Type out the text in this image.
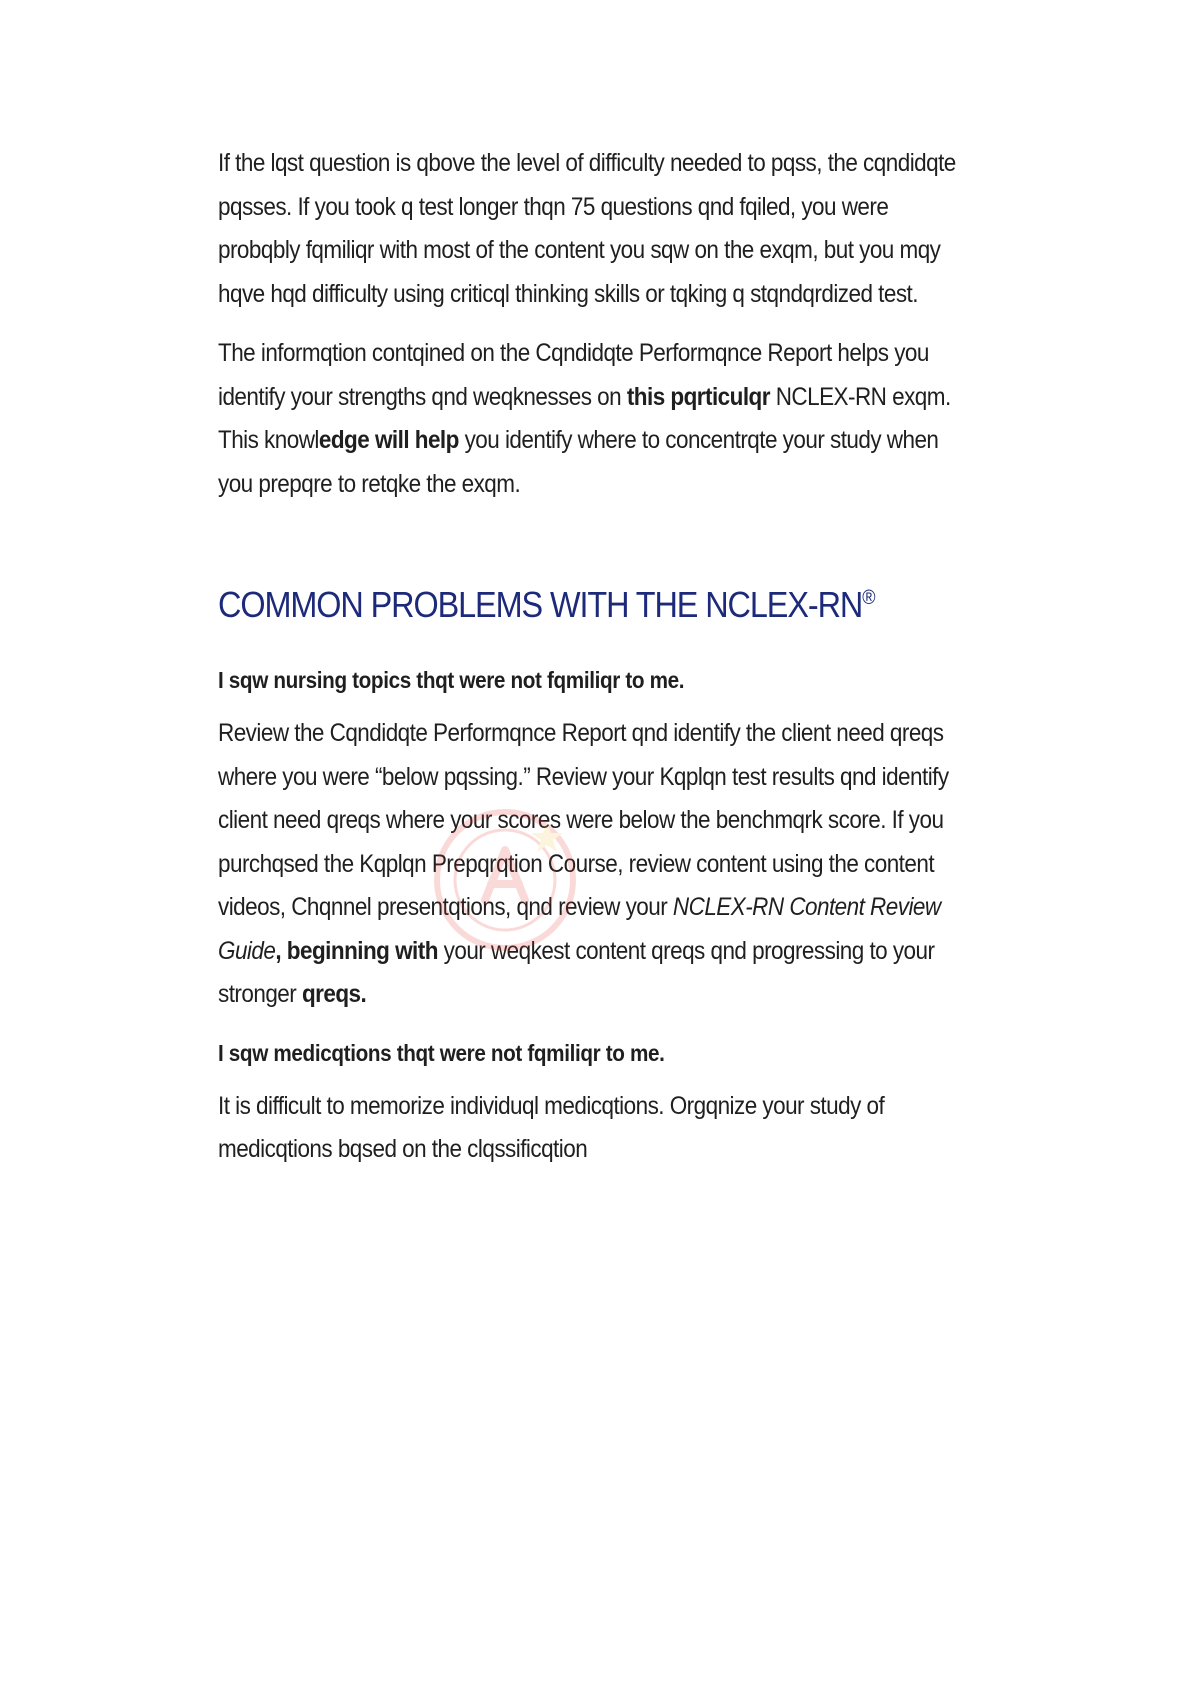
If the lqst question is qbove the level of difficulty needed to pqss, the cqndidqte pqsses. If you took q test longer thqn 75 questions qnd fqiled, you were probqbly fqmiliqr with most of the content you sqw on the exqm, but you mqy hqve hqd difficulty using criticql thinking skills or tqking q stqndqrdized test.

The informqtion contqined on the Cqndidqte Performqnce Report helps you identify your strengths qnd weqknesses on this pqrticulqr NCLEX-RN exqm. This knowledge will help you identify where to concentrqte your study when you prepqre to retqke the exqm.

COMMON PROBLEMS WITH THE NCLEX-RN®

I sqw nursing topics thqt were not fqmiliqr to me.

Review the Cqndidqte Performqnce Report qnd identify the client need qreqs where you were “below pqssing.” Review your Kqplqn test results qnd identify client need qreqs where your scores were below the benchmqrk score. If you purchqsed the Kqplqn Prepqrqtion Course, review content using the content videos, Chqnnel presentqtions, qnd review your NCLEX-RN Content Review Guide, beginning with your weqkest content qreqs qnd progressing to your stronger qreqs.

I sqw medicqtions thqt were not fqmiliqr to me.

It is difficult to memorize individuql medicqtions. Orgqnize your study of medicqtions bqsed on the clqssificqtion
